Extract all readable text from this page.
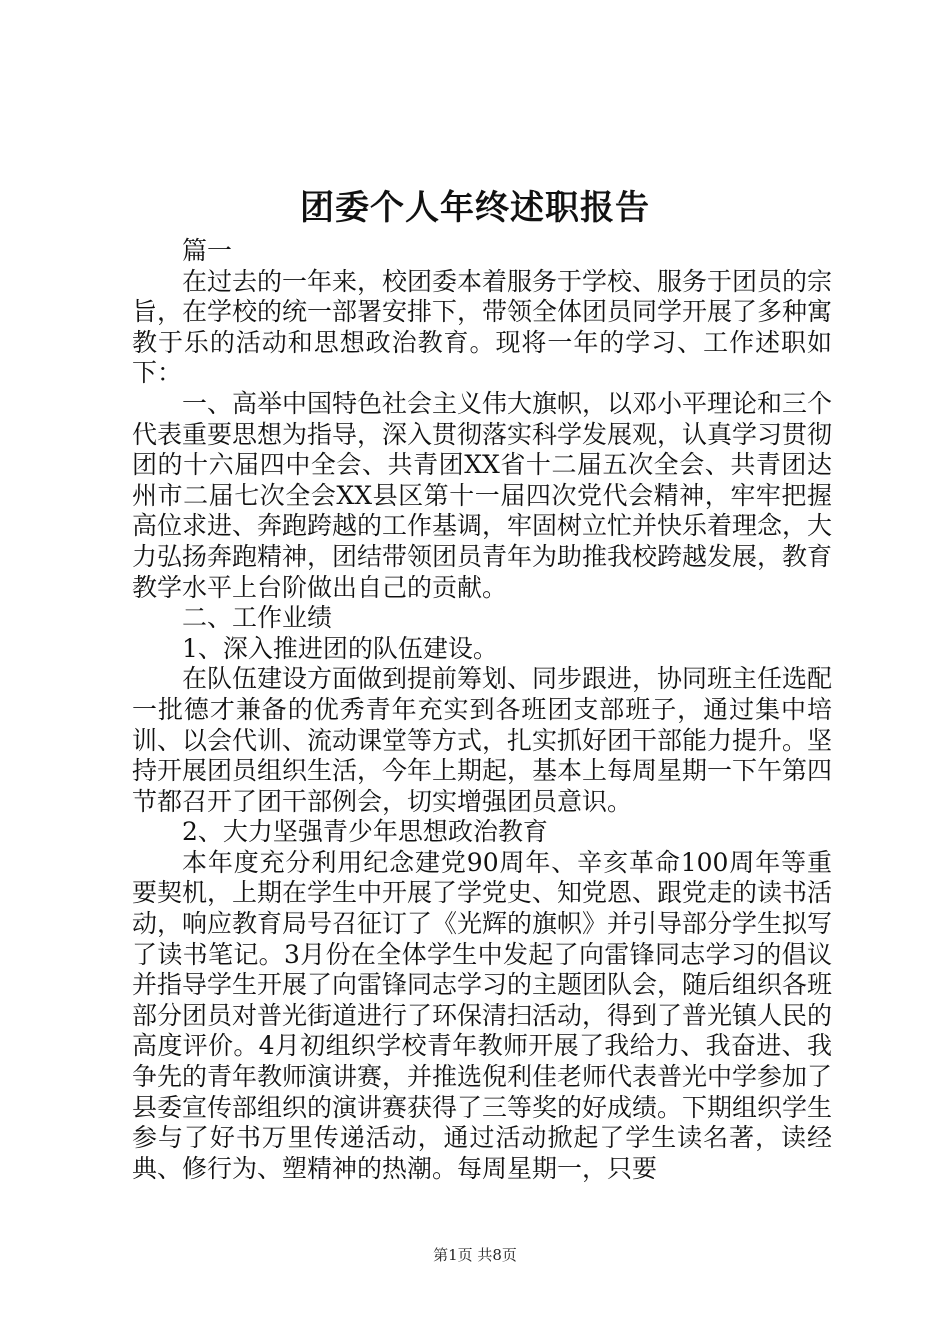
团委个人年终述职报告

篇一

在过去的一年来，校团委本着服务于学校、服务于团员的宗旨，在学校的统一部署安排下，带领全体团员同学开展了多种寓教于乐的活动和思想政治教育。现将一年的学习、工作述职如下：

一、高举中国特色社会主义伟大旗帜，以邓小平理论和三个代表重要思想为指导，深入贯彻落实科学发展观，认真学习贯彻团的十六届四中全会、共青团XX省十二届五次全会、共青团达州市二届七次全会XX县区第十一届四次党代会精神，牢牢把握高位求进、奔跑跨越的工作基调，牢固树立忙并快乐着理念，大力弘扬奔跑精神，团结带领团员青年为助推我校跨越发展，教育教学水平上台阶做出自己的贡献。

二、工作业绩

1、深入推进团的队伍建设。

在队伍建设方面做到提前筹划、同步跟进，协同班主任选配一批德才兼备的优秀青年充实到各班团支部班子，通过集中培训、以会代训、流动课堂等方式，扎实抓好团干部能力提升。坚持开展团员组织生活，今年上期起，基本上每周星期一下午第四节都召开了团干部例会，切实增强团员意识。

2、大力坚强青少年思想政治教育

本年度充分利用纪念建党90周年、辛亥革命100周年等重要契机，上期在学生中开展了学党史、知党恩、跟党走的读书活动，响应教育局号召征订了《光辉的旗帜》并引导部分学生拟写了读书笔记。3月份在全体学生中发起了向雷锋同志学习的倡议并指导学生开展了向雷锋同志学习的主题团队会，随后组织各班部分团员对普光街道进行了环保清扫活动，得到了普光镇人民的高度评价。4月初组织学校青年教师开展了我给力、我奋进、我争先的青年教师演讲赛，并推选倪利佳老师代表普光中学参加了县委宣传部组织的演讲赛获得了三等奖的好成绩。下期组织学生参与了好书万里传递活动，通过活动掀起了学生读名著，读经典、修行为、塑精神的热潮。每周星期一，只要

第1页 共8页
